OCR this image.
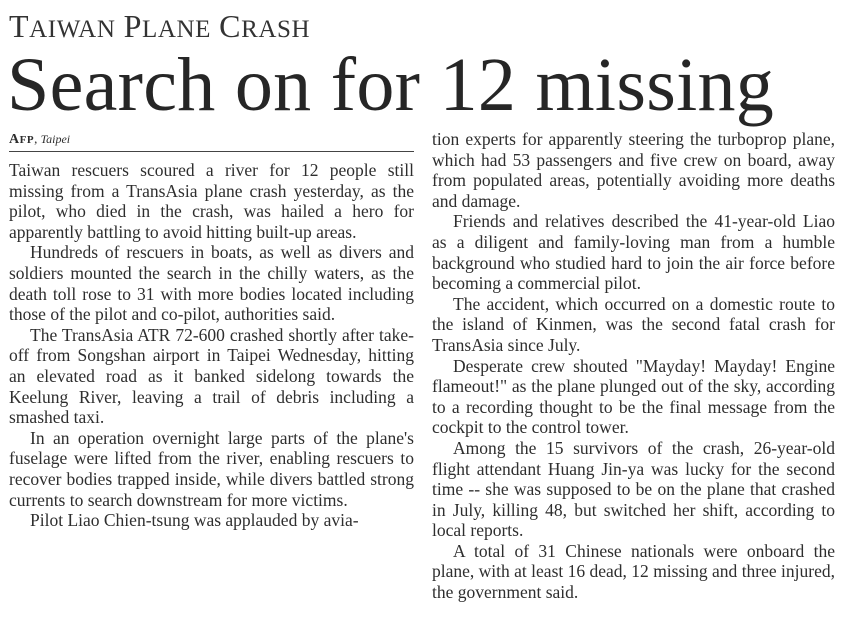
TAIWAN PLANE CRASH
Search on for 12 missing
AFP, Taipei

Taiwan rescuers scoured a river for 12 people still missing from a TransAsia plane crash yesterday, as the pilot, who died in the crash, was hailed a hero for apparently battling to avoid hitting built-up areas.

Hundreds of rescuers in boats, as well as divers and soldiers mounted the search in the chilly waters, as the death toll rose to 31 with more bodies located including those of the pilot and co-pilot, authorities said.

The TransAsia ATR 72-600 crashed shortly after take-off from Songshan airport in Taipei Wednesday, hitting an elevated road as it banked sidelong towards the Keelung River, leaving a trail of debris including a smashed taxi.

In an operation overnight large parts of the plane's fuselage were lifted from the river, enabling rescuers to recover bodies trapped inside, while divers battled strong currents to search downstream for more victims.

Pilot Liao Chien-tsung was applauded by avia-

tion experts for apparently steering the turboprop plane, which had 53 passengers and five crew on board, away from populated areas, potentially avoiding more deaths and damage.

Friends and relatives described the 41-year-old Liao as a diligent and family-loving man from a humble background who studied hard to join the air force before becoming a commercial pilot.

The accident, which occurred on a domestic route to the island of Kinmen, was the second fatal crash for TransAsia since July.

Desperate crew shouted "Mayday! Mayday! Engine flameout!" as the plane plunged out of the sky, according to a recording thought to be the final message from the cockpit to the control tower.

Among the 15 survivors of the crash, 26-year-old flight attendant Huang Jin-ya was lucky for the second time -- she was supposed to be on the plane that crashed in July, killing 48, but switched her shift, according to local reports.

A total of 31 Chinese nationals were onboard the plane, with at least 16 dead, 12 missing and three injured, the government said.
